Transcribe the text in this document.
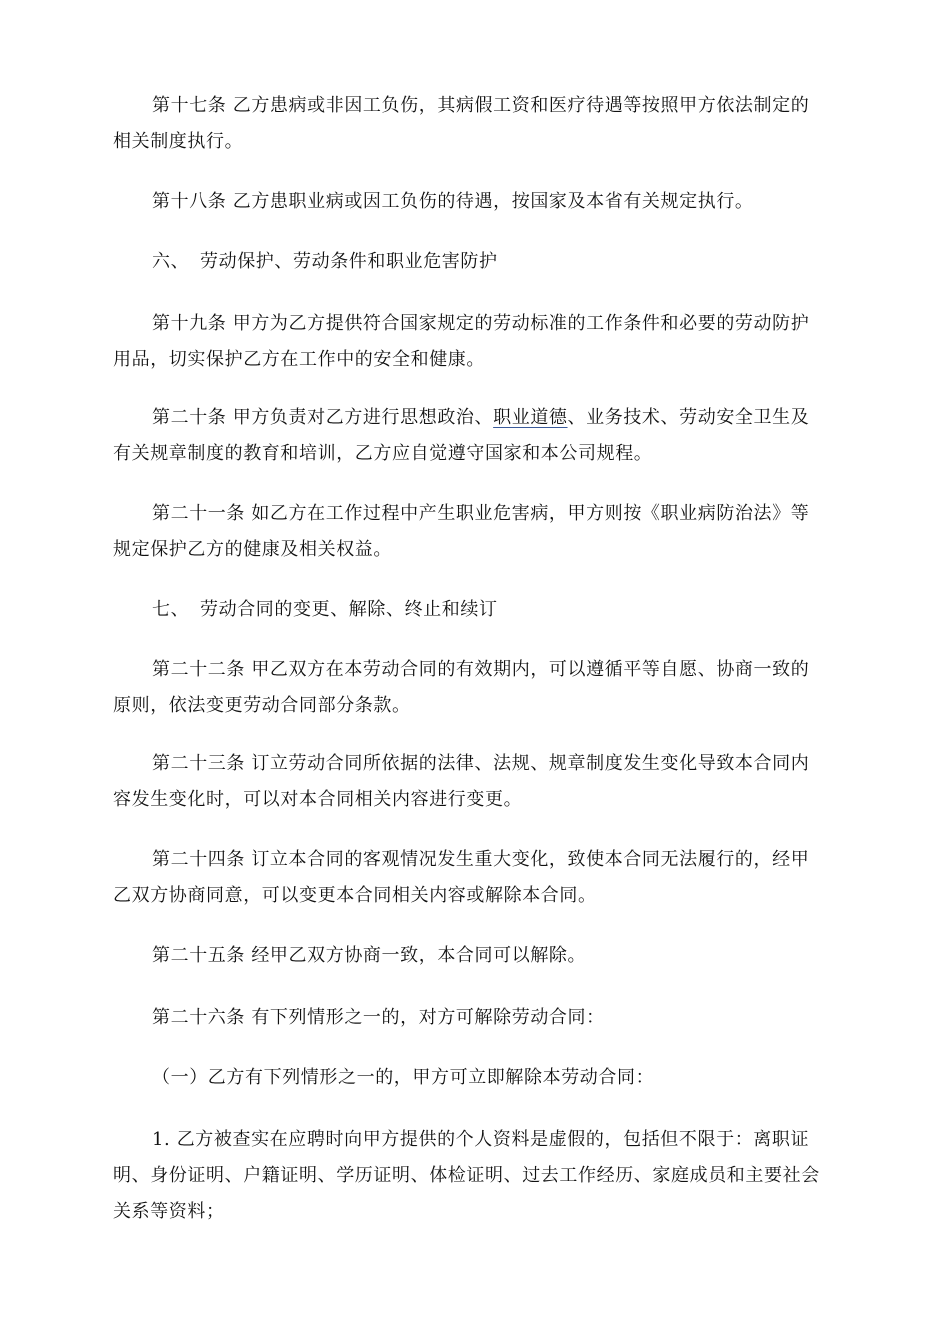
第十七条 乙方患病或非因工负伤，其病假工资和医疗待遇等按照甲方依法制定的
相关制度执行。
第十八条 乙方患职业病或因工负伤的待遇，按国家及本省有关规定执行。
六、 劳动保护、劳动条件和职业危害防护
第十九条 甲方为乙方提供符合国家规定的劳动标准的工作条件和必要的劳动防护
用品，切实保护乙方在工作中的安全和健康。
第二十条 甲方负责对乙方进行思想政治、职业道德、业务技术、劳动安全卫生及
有关规章制度的教育和培训，乙方应自觉遵守国家和本公司规程。
第二十一条 如乙方在工作过程中产生职业危害病，甲方则按《职业病防治法》等
规定保护乙方的健康及相关权益。
七、 劳动合同的变更、解除、终止和续订
第二十二条 甲乙双方在本劳动合同的有效期内，可以遵循平等自愿、协商一致的
原则，依法变更劳动合同部分条款。
第二十三条 订立劳动合同所依据的法律、法规、规章制度发生变化导致本合同内
容发生变化时，可以对本合同相关内容进行变更。
第二十四条 订立本合同的客观情况发生重大变化，致使本合同无法履行的，经甲
乙双方协商同意，可以变更本合同相关内容或解除本合同。
第二十五条 经甲乙双方协商一致，本合同可以解除。
第二十六条 有下列情形之一的，对方可解除劳动合同：
（一）乙方有下列情形之一的，甲方可立即解除本劳动合同：
1. 乙方被查实在应聘时向甲方提供的个人资料是虚假的，包括但不限于：离职证
明、身份证明、户籍证明、学历证明、体检证明、过去工作经历、家庭成员和主要社会
关系等资料；
